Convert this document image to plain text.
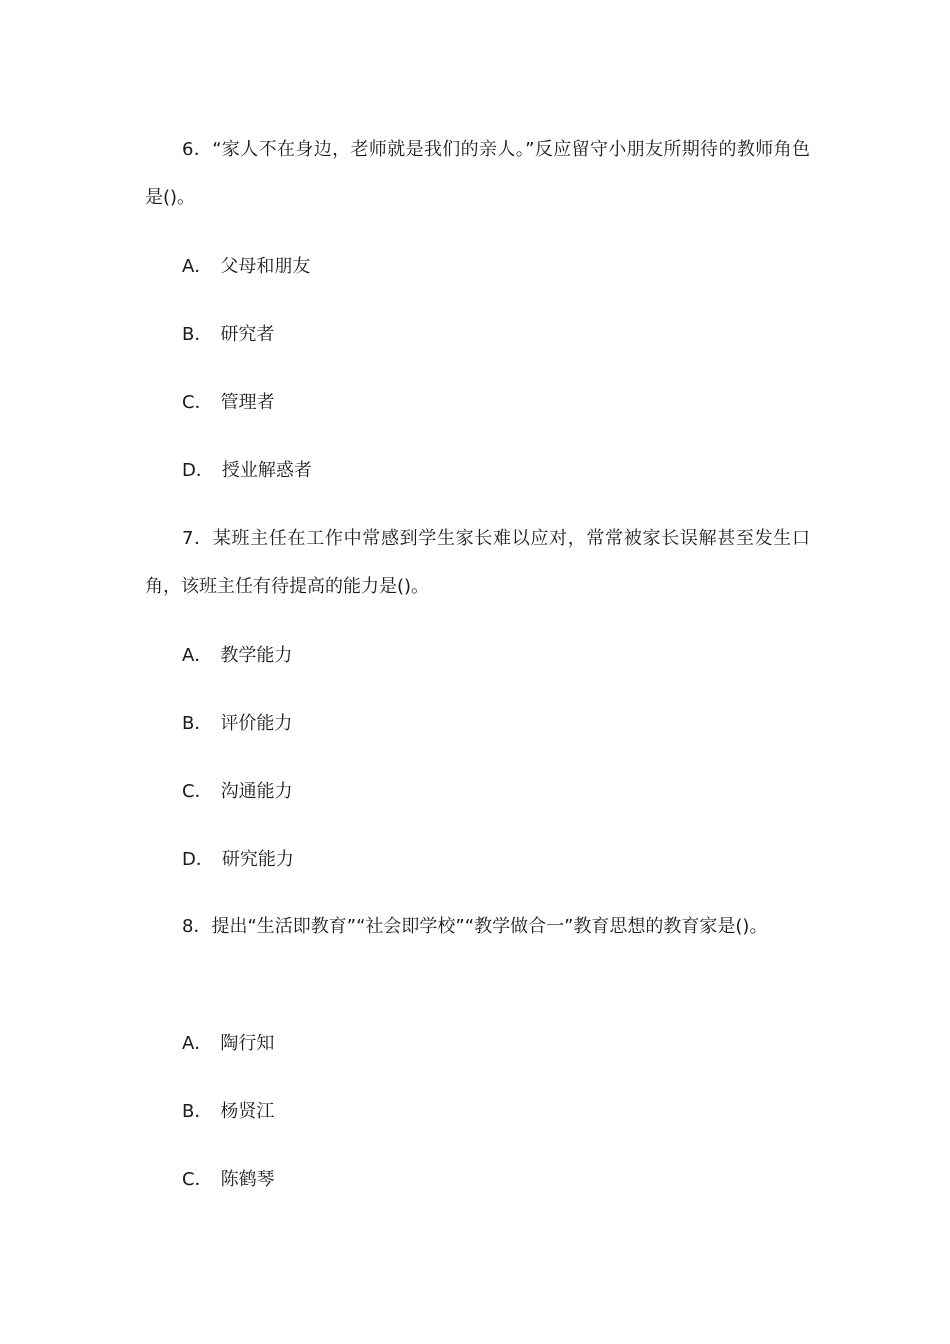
6．“家人不在身边，老师就是我们的亲人。”反应留守小朋友所期待的教师角色是()。

A． 父母和朋友

B． 研究者

C． 管理者

D． 授业解惑者

7．某班主任在工作中常感到学生家长难以应对，常常被家长误解甚至发生口角，该班主任有待提高的能力是()。

A． 教学能力

B． 评价能力

C． 沟通能力

D． 研究能力

8．提出“生活即教育”“社会即学校”“教学做合一”教育思想的教育家是()。

A． 陶行知

B． 杨贤江

C． 陈鹤琴
